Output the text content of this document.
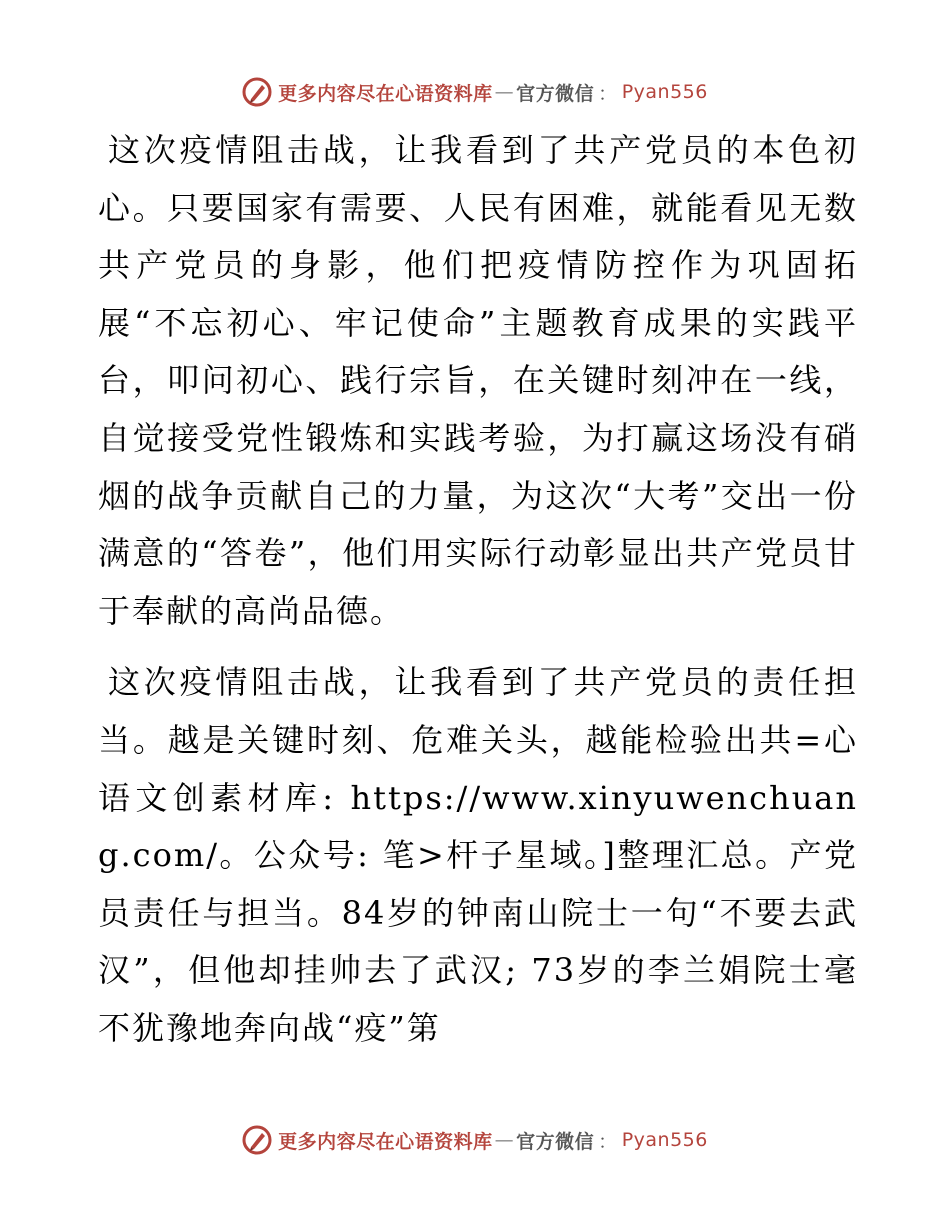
更多内容尽在心语资料库 — 官方微信 ： Pyan556

这次疫情阻击战，让我看到了共产党员的本色初心。只要国家有需要、人民有困难，就能看见无数共产党员的身影，他们把疫情防控作为巩固拓展“不忘初心、牢记使命”主题教育成果的实践平台，叩问初心、践行宗旨，在关键时刻冲在一线，自觉接受党性锻炼和实践考验，为打赢这场没有硝烟的战争贡献自己的力量，为这次“大考”交出一份满意的“答卷”，他们用实际行动彰显出共产党员甘于奉献的高尚品德。

这次疫情阻击战，让我看到了共产党员的责任担当。越是关键时刻、危难关头，越能检验出共=心语文创素材库: https://www.xinyuwenchuang.com/。公众号: 笔>杆子星域。]整理汇总。产党员责任与担当。84岁的钟南山院士一句“不要去武汉”，但他却挂帅去了武汉; 73岁的李兰娟院士毫不犹豫地奔向战“疫”第

更多内容尽在心语资料库 — 官方微信 ： Pyan556
